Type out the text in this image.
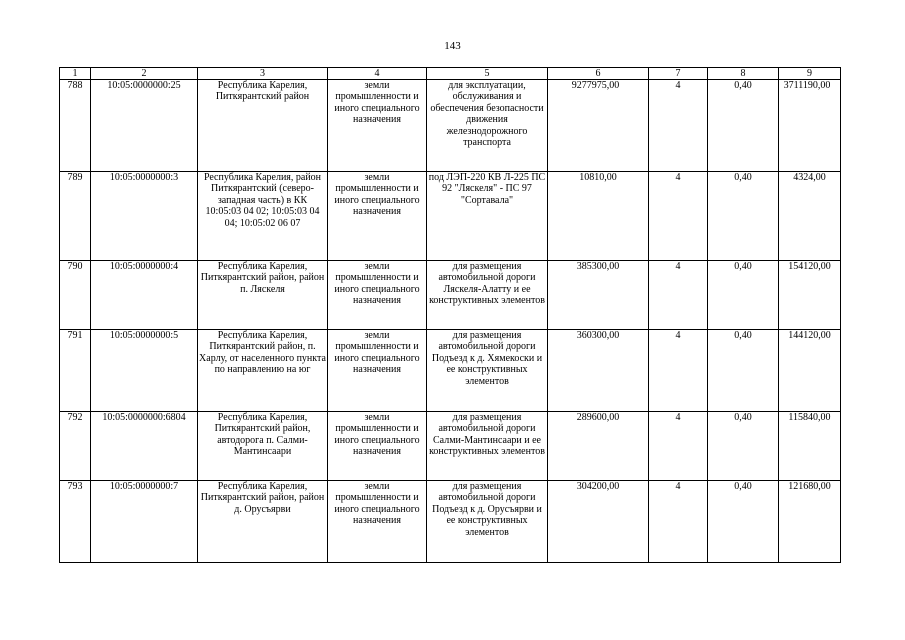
143
1	2	3	4	5	6	7	8	9
788	10:05:0000000:25	Республика Карелия, Питкярантский район	земли промышленности и иного специального назначения	для эксплуатации, обслуживания и обеспечения безопасности движения железнодорожного транспорта	9277975,00	4	0,40	3711190,00
789	10:05:0000000:3	Республика Карелия, район Питкярантский (северо-западная часть) в КК 10:05:03 04 02; 10:05:03 04 04; 10:05:02 06 07	земли промышленности и иного специального назначения	под ЛЭП-220 КВ Л-225 ПС 92 "Ляскеля" - ПС 97 "Сортавала"	10810,00	4	0,40	4324,00
790	10:05:0000000:4	Республика Карелия, Питкярантский район, район п. Ляскеля	земли промышленности и иного специального назначения	для размещения автомобильной дороги Ляскеля-Алатту и ее конструктивных элементов	385300,00	4	0,40	154120,00
791	10:05:0000000:5	Республика Карелия, Питкярантский район, п. Харлу, от населенного пункта по направлению на юг	земли промышленности и иного специального назначения	для размещения автомобильной дороги Подъезд к д. Хямекоски и ее конструктивных элементов	360300,00	4	0,40	144120,00
792	10:05:0000000:6804	Республика Карелия, Питкярантский район, автодорога п. Салми-Мантинсаари	земли промышленности и иного специального назначения	для размещения автомобильной дороги Салми-Мантинсаари и ее конструктивных элементов	289600,00	4	0,40	115840,00
793	10:05:0000000:7	Республика Карелия, Питкярантский район, район д. Орусъярви	земли промышленности и иного специального назначения	для размещения автомобильной дороги Подъезд к д. Орусъярви и ее конструктивных элементов	304200,00	4	0,40	121680,00
